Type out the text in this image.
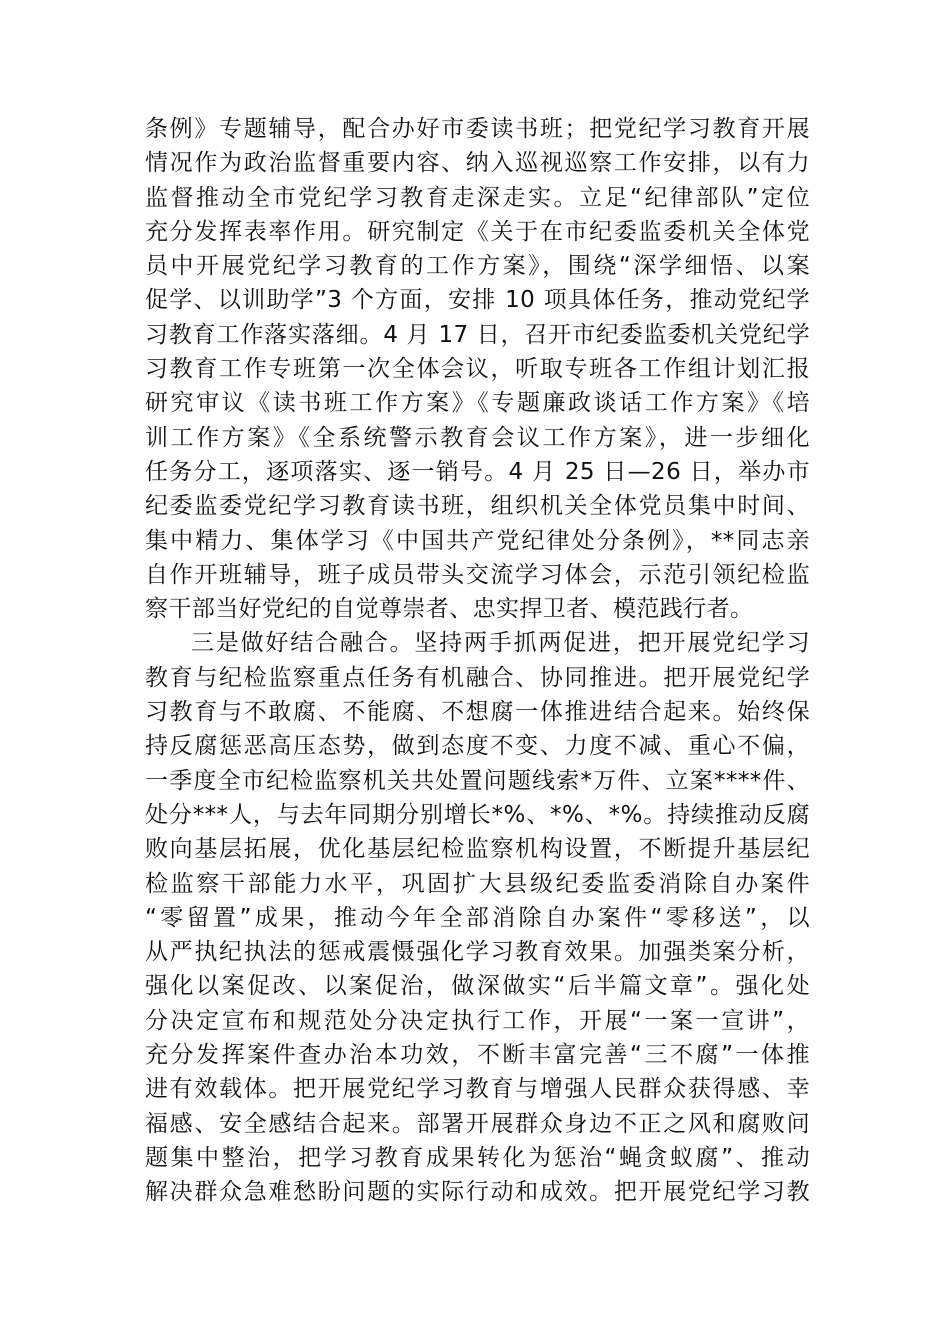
条例》专题辅导，配合办好市委读书班；把党纪学习教育开展
情况作为政治监督重要内容、纳入巡视巡察工作安排，以有力
监督推动全市党纪学习教育走深走实。立足“纪律部队”定位
充分发挥表率作用。研究制定《关于在市纪委监委机关全体党
员中开展党纪学习教育的工作方案》，围绕“深学细悟、以案
促学、以训助学”3 个方面，安排 10 项具体任务，推动党纪学
习教育工作落实落细。4 月 17 日，召开市纪委监委机关党纪学
习教育工作专班第一次全体会议，听取专班各工作组计划汇报
研究审议《读书班工作方案》《专题廉政谈话工作方案》《培
训工作方案》《全系统警示教育会议工作方案》，进一步细化
任务分工，逐项落实、逐一销号。4 月 25 日—26 日，举办市
纪委监委党纪学习教育读书班，组织机关全体党员集中时间、
集中精力、集体学习《中国共产党纪律处分条例》，**同志亲
自作开班辅导，班子成员带头交流学习体会，示范引领纪检监
察干部当好党纪的自觉尊崇者、忠实捍卫者、模范践行者。
三是做好结合融合。坚持两手抓两促进，把开展党纪学习
教育与纪检监察重点任务有机融合、协同推进。把开展党纪学
习教育与不敢腐、不能腐、不想腐一体推进结合起来。始终保
持反腐惩恶高压态势，做到态度不变、力度不减、重心不偏，
一季度全市纪检监察机关共处置问题线索*万件、立案****件、
处分***人，与去年同期分别增长*%、*%、*%。持续推动反腐
败向基层拓展，优化基层纪检监察机构设置，不断提升基层纪
检监察干部能力水平，巩固扩大县级纪委监委消除自办案件
“零留置”成果，推动今年全部消除自办案件“零移送”，以
从严执纪执法的惩戒震慑强化学习教育效果。加强类案分析，
强化以案促改、以案促治，做深做实“后半篇文章”。强化处
分决定宣布和规范处分决定执行工作，开展“一案一宣讲”，
充分发挥案件查办治本功效，不断丰富完善“三不腐”一体推
进有效载体。把开展党纪学习教育与增强人民群众获得感、幸
福感、安全感结合起来。部署开展群众身边不正之风和腐败问
题集中整治，把学习教育成果转化为惩治“蝇贪蚁腐”、推动
解决群众急难愁盼问题的实际行动和成效。把开展党纪学习教
